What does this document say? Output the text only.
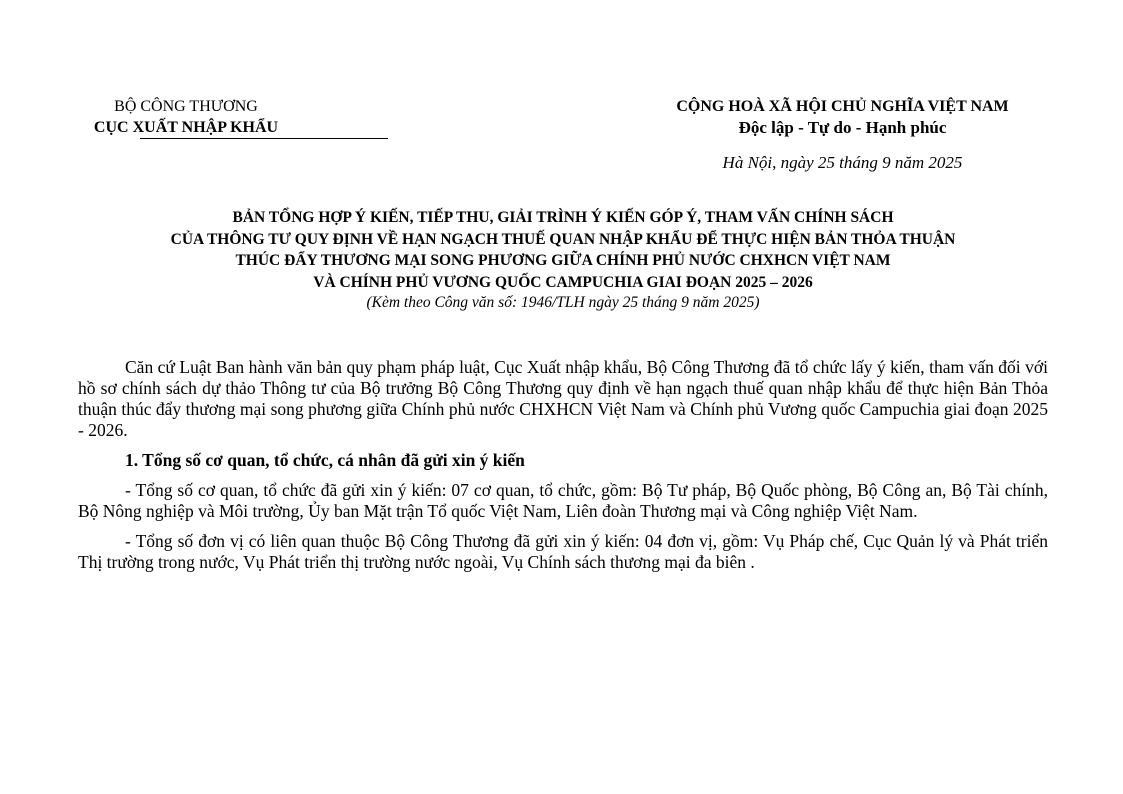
BỘ CÔNG THƯƠNG
CỤC XUẤT NHẬP KHẨU
CỘNG HOÀ XÃ HỘI CHỦ NGHĨA VIỆT NAM
Độc lập - Tự do - Hạnh phúc
Hà Nội, ngày 25 tháng 9 năm 2025
BẢN TỔNG HỢP Ý KIẾN, TIẾP THU, GIẢI TRÌNH Ý KIẾN GÓP Ý, THAM VẤN CHÍNH SÁCH
CỦA THÔNG TƯ QUY ĐỊNH VỀ HẠN NGẠCH THUẾ QUAN NHẬP KHẨU ĐỂ THỰC HIỆN BẢN THỎA THUẬN
THÚC ĐẨY THƯƠNG MẠI SONG PHƯƠNG GIỮA CHÍNH PHỦ NƯỚC CHXHCN VIỆT NAM
VÀ CHÍNH PHỦ VƯƠNG QUỐC CAMPUCHIA GIAI ĐOẠN 2025 – 2026
(Kèm theo Công văn số: 1946/TLH ngày 25 tháng 9 năm 2025)

Căn cứ Luật Ban hành văn bản quy phạm pháp luật, Cục Xuất nhập khẩu, Bộ Công Thương đã tổ chức lấy ý kiến, tham vấn đối với hồ sơ chính sách dự thảo Thông tư của Bộ trưởng Bộ Công Thương quy định về hạn ngạch thuế quan nhập khẩu để thực hiện Bản Thỏa thuận thúc đẩy thương mại song phương giữa Chính phủ nước CHXHCN Việt Nam và Chính phủ Vương quốc Campuchia giai đoạn 2025 - 2026.

1. Tổng số cơ quan, tổ chức, cá nhân đã gửi xin ý kiến

- Tổng số cơ quan, tổ chức đã gửi xin ý kiến: 07 cơ quan, tổ chức, gồm: Bộ Tư pháp, Bộ Quốc phòng, Bộ Công an, Bộ Tài chính, Bộ Nông nghiệp và Môi trường, Ủy ban Mặt trận Tổ quốc Việt Nam, Liên đoàn Thương mại và Công nghiệp Việt Nam.

- Tổng số đơn vị có liên quan thuộc Bộ Công Thương đã gửi xin ý kiến: 04 đơn vị, gồm: Vụ Pháp chế, Cục Quản lý và Phát triển Thị trường trong nước, Vụ Phát triển thị trường nước ngoài, Vụ Chính sách thương mại đa biên .
